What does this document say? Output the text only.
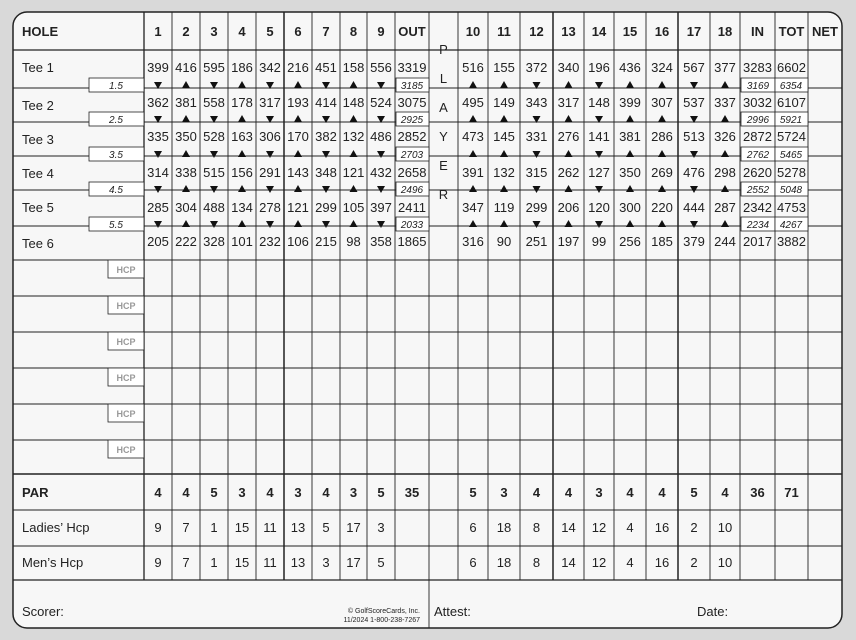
HOLE	1 2 3 4 5 6 7 8 9 OUT	10 11 12 13 14 15 16 17 18 IN TOT NET
P
L
A
Y
E
R
Tee 1	399 416 595 186 342 216 451 158 556 3319	516 155 372 340 196 436 324 567 377 3283 6602
Tee 2	362 381 558 178 317 193 414 148 524 3075	495 149 343 317 148 399 307 537 337 3032 6107
Tee 3	335 350 528 163 306 170 382 132 486 2852	473 145 331 276 141 381 286 513 326 2872 5724
Tee 4	314 338 515 156 291 143 348 121 432 2658	391 132 315 262 127 350 269 476 298 2620 5278
Tee 5	285 304 488 134 278 121 299 105 397 2411	347 119 299 206 120 300 220 444 287 2342 4753
Tee 6	205 222 328 101 232 106 215 98 358 1865	316 90 251 197 99 256 185 379 244 2017 3882
1.5	3185	3169 6354
2.5	2925	2996 5921
3.5	2703	2762 5465
4.5	2496	2552 5048
5.5	2033	2234 4267
HCP
HCP
HCP
HCP
HCP
HCP
PAR	4 4 5 3 4 3 4 3 5 35	5 3 4 4 3 4 4 5 4 36 71
Ladies’ Hcp	9 7 1 15 11 13 5 17 3	6 18 8 14 12 4 16 2 10
Men’s Hcp	9 7 1 15 11 13 3 17 5	6 18 8 14 12 4 16 2 10
Scorer:	© GolfScoreCards, Inc.
11/2024 1-800-238-7267
Attest:	Date:
